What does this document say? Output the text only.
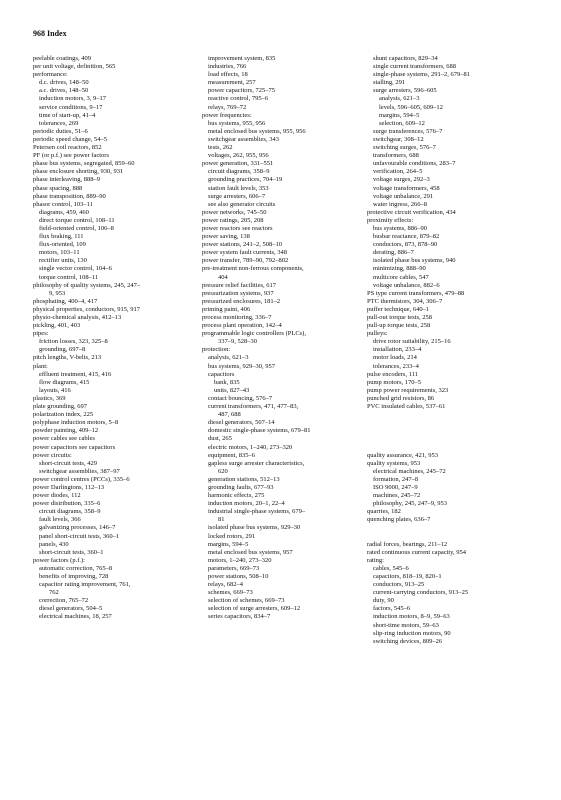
968 Index
peelable coatings, 409
per unit voltage, definition, 565
performance:
d.c. drives, 148–50
a.c. drives, 148–50
induction motors, 3, 9–17
service conditions, 9–17
time of start-up, 41–4
tolerances, 269
periodic duties, 51–6
periodic speed change, 54–5
Petersen coil reactors, 852
PF (or p.f.) see power factors
phase bus systems, segregated, 859–60
phase enclosure shorting, 930, 931
phase interleaving, 888–9
phase spacing, 888
phase transposition, 889–90
phasor control, 103–11
diagrams, 459, 460
direct torque control, 108–11
field-oriented control, 106–8
flux braking, 111
flux-oriented, 109
motors, 103–11
rectifier units, 130
single vector control, 104–6
torque control, 108–11
philosophy of quality systems, 245, 247–
9, 953
phosphating, 400–4, 417
physical properties, conductors, 915, 917
physio-chemical analysis, 412–13
pickling, 401, 403
pipes:
friction losses, 323, 325–8
grounding, 697–8
pitch lengths, V-belts, 213
plant:
effluent treatment, 415, 416
flow diagrams, 415
layouts, 416
plastics, 369
plate grounding, 697
polarization index, 225
polyphase induction motors, 5–8
powder painting, 409–12
power cables see cables
power capacitors see capacitors
power circuits:
short-circuit tests, 429
switchgear assemblies, 387–97
power control centres (PCCs), 335–6
power Darlingtons, 112–13
power diodes, 112
power distribution, 335–6
circuit diagrams, 358–9
fault levels, 366
galvanizing processes, 146–7
panel short-circuit tests, 360–1
panels, 430
short-circuit tests, 360–1
power factors (p.f.):
automatic correction, 765–8
benefits of improving, 728
capacitor rating improvement, 761,
762
correction, 765–72
diesel generators, 504–5
electrical machines, 18, 257
improvement system, 835
industries, 766
load effects, 18
measurement, 257
power capacitors, 725–75
reactive control, 795–6
relays, 769–72
power frequencies:
bus systems, 955, 956
metal enclosed bus systems, 955, 956
switchgear assemblies, 343
tests, 262
voltages, 262, 955, 956
power generation, 331–551
circuit diagrams, 358–9
grounding practices, 704–19
station fault levels, 353
surge arresters, 606–7
see also generator circuits
power networks, 745–50
power ratings, 205, 208
power reactors see reactors
power saving, 138
power stations, 241–2, 508–10
power system fault currents, 348
power transfer, 789–90, 792–802
pre-treatment non-ferrous components,
404
pressure relief facilities, 617
pressurization systems, 937
pressurized enclosures, 181–2
priming paint, 406
process monitoring, 336–7
process plant operation, 142–4
programmable logic controllers (PLCs),
337–9, 528–30
protection:
analysis, 621–3
bus systems, 929–30, 957
capacitors
bank, 835
units, 827–43
contact bouncing, 576–7
current transformers, 471, 477–83,
487, 688
diesel generators, 507–14
domestic single-phase systems, 679–81
dust, 265
electric motors, 1–240, 273–320
equipment, 835–6
gapless surge arrester characteristics,
620
generation stations, 512–13
grounding faults, 677–93
harmonic effects, 275
induction motors, 20–1, 22–4
industrial single-phase systems, 679–
81
isolated phase bus systems, 929–30
locked rotors, 291
margins, 594–5
metal enclosed bus systems, 957
motors, 1–240, 273–320
parameters, 669–73
power stations, 508–10
relays, 682–4
schemes, 669–73
selection of schemes, 669–73
selection of surge arresters, 609–12
series capacitors, 834–7
shunt capacitors, 829–34
single current transformers, 688
single-phase systems, 291–2, 679–81
stalling, 291
surge arresters, 596–605
analysis, 621–3
levels, 596–605, 609–12
margins, 594–5
selection, 609–12
surge transferences, 576–7
switchgear, 308–12
switching surges, 576–7
transformers, 688
unfavourable conditions, 283–7
verification, 264–5
voltage surges, 292–3
voltage transformers, 458
voltage unbalance, 291
water ingress, 266–8
protective circuit verification, 434
proximity effects:
bus systems, 886–90
busbar reactance, 879–82
conductors, 873, 878–90
derating, 886–7
isolated phase bus systems, 940
minimizing, 888–90
multicore cables, 547
voltage unbalance, 882–6
PS type current transformers, 479–88
PTC thermistors, 304, 306–7
puffer technique, 640–1
pull-out torque tests, 258
pull-up torque tests, 258
pulleys:
drive rotor suitability, 215–16
installation, 233–4
motor loads, 214
tolerances, 233–4
pulse encoders, 111
pump motors, 170–5
pump power requirements, 323
punched grid resistors, 86
PVC insulated cables, 537–61
quality assurance, 421, 953
quality systems, 953
electrical machines, 245–72
formation, 247–8
ISO 9000, 247–9
machines, 245–72
philosophy, 245, 247–9, 953
quarries, 182
quenching plates, 636–7
radial forces, bearings, 211–12
rated continuous current capacity, 954
rating:
cables, 545–6
capacitors, 818–19, 820–1
conductors, 913–25
current-carrying conductors, 913–25
duty, 90
factors, 545–6
induction motors, 8–9, 59–63
short-time motors, 59–63
slip-ring induction motors, 90
switching devices, 809–26
